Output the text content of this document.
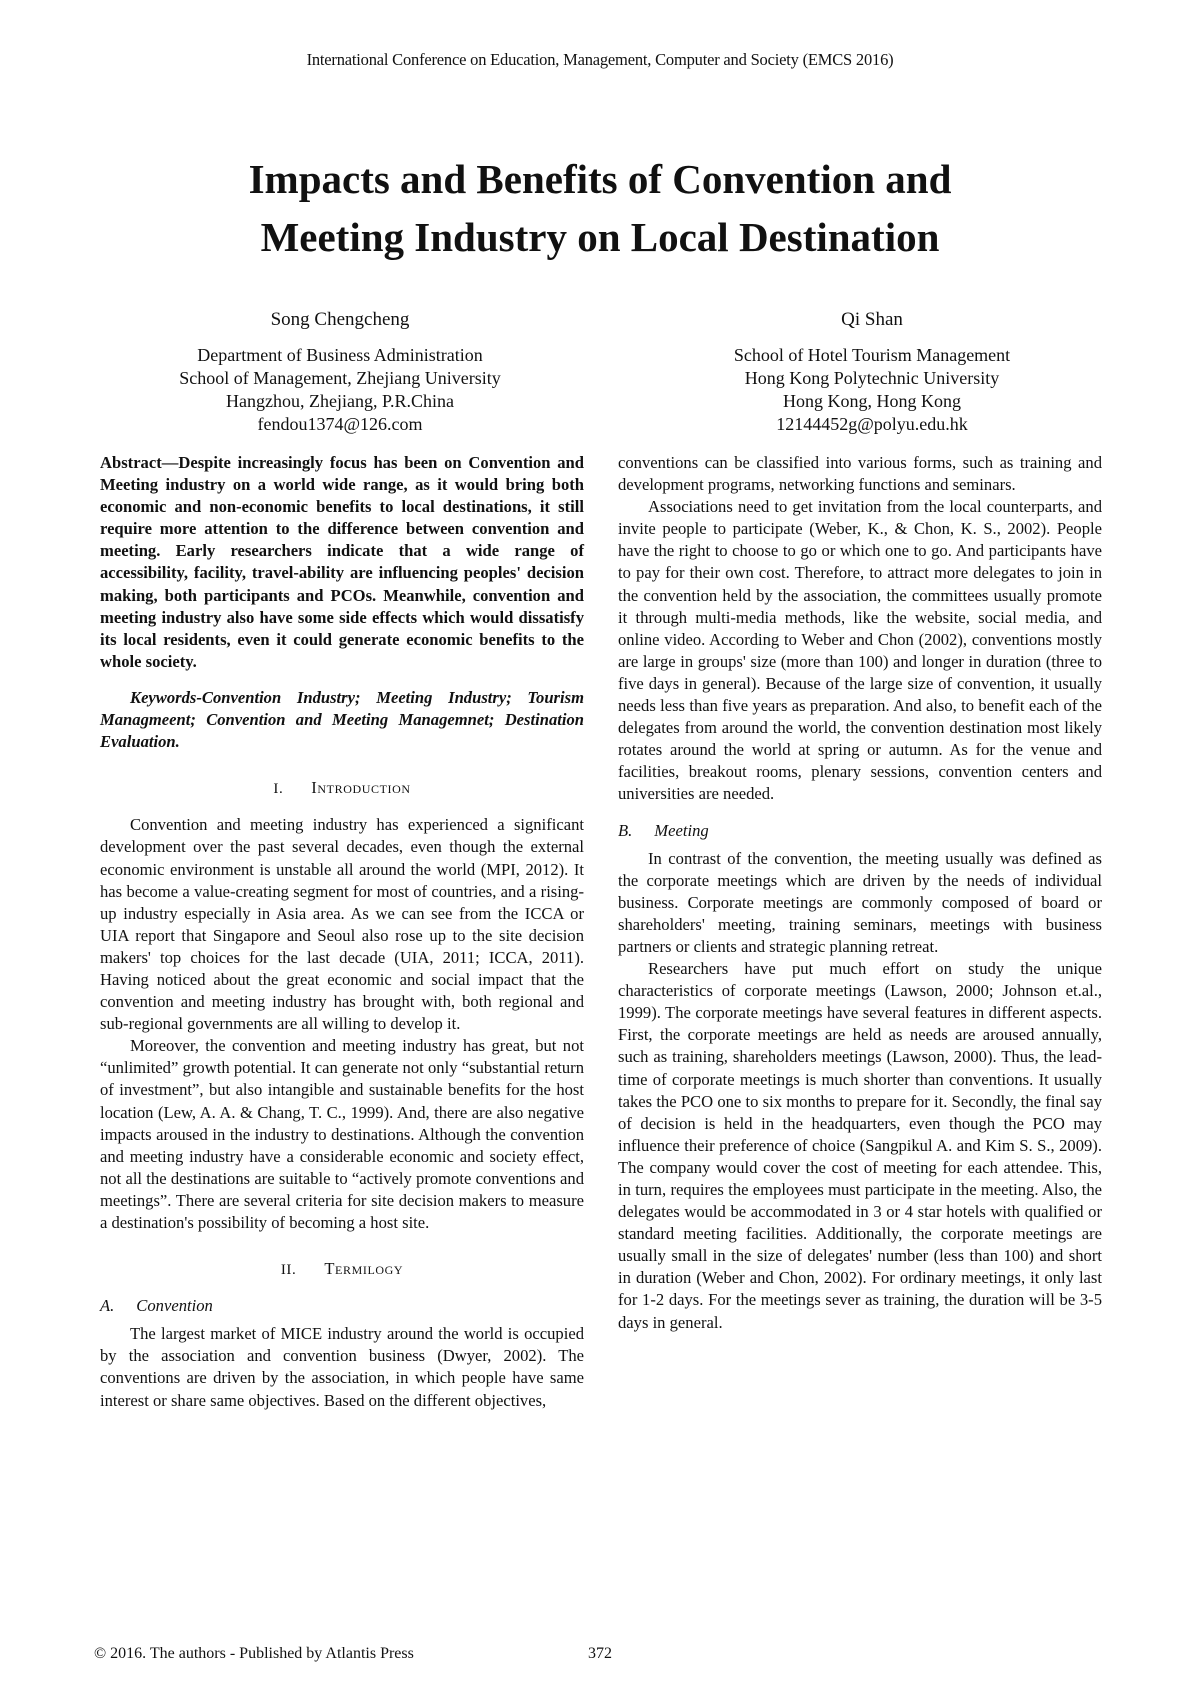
International Conference on Education, Management, Computer and Society (EMCS 2016)
Impacts and Benefits of Convention and
Meeting Industry on Local Destination
Song Chengcheng
Department of Business Administration
School of Management, Zhejiang University
Hangzhou, Zhejiang, P.R.China
fendou1374@126.com
Qi Shan
School of Hotel Tourism Management
Hong Kong Polytechnic University
Hong Kong, Hong Kong
12144452g@polyu.edu.hk

Abstract—Despite increasingly focus has been on Convention and Meeting industry on a world wide range, as it would bring both economic and non-economic benefits to local destinations, it still require more attention to the difference between convention and meeting. Early researchers indicate that a wide range of accessibility, facility, travel-ability are influencing peoples' decision making, both participants and PCOs. Meanwhile, convention and meeting industry also have some side effects which would dissatisfy its local residents, even it could generate economic benefits to the whole society.

Keywords-Convention Industry; Meeting Industry; Tourism Managmeent; Convention and Meeting Managemnet; Destination Evaluation.

I. Introduction

Convention and meeting industry has experienced a significant development over the past several decades, even though the external economic environment is unstable all around the world (MPI, 2012). It has become a value-creating segment for most of countries, and a rising-up industry especially in Asia area. As we can see from the ICCA or UIA report that Singapore and Seoul also rose up to the site decision makers' top choices for the last decade (UIA, 2011; ICCA, 2011). Having noticed about the great economic and social impact that the convention and meeting industry has brought with, both regional and sub-regional governments are all willing to develop it.

Moreover, the convention and meeting industry has great, but not “unlimited” growth potential. It can generate not only “substantial return of investment”, but also intangible and sustainable benefits for the host location (Lew, A. A. & Chang, T. C., 1999). And, there are also negative impacts aroused in the industry to destinations. Although the convention and meeting industry have a considerable economic and society effect, not all the destinations are suitable to “actively promote conventions and meetings”. There are several criteria for site decision makers to measure a destination's possibility of becoming a host site.

II. Termilogy
A. Convention

The largest market of MICE industry around the world is occupied by the association and convention business (Dwyer, 2002). The conventions are driven by the association, in which people have same interest or share same objectives. Based on the different objectives,

conventions can be classified into various forms, such as training and development programs, networking functions and seminars.

Associations need to get invitation from the local counterparts, and invite people to participate (Weber, K., & Chon, K. S., 2002). People have the right to choose to go or which one to go. And participants have to pay for their own cost. Therefore, to attract more delegates to join in the convention held by the association, the committees usually promote it through multi-media methods, like the website, social media, and online video. According to Weber and Chon (2002), conventions mostly are large in groups' size (more than 100) and longer in duration (three to five days in general). Because of the large size of convention, it usually needs less than five years as preparation. And also, to benefit each of the delegates from around the world, the convention destination most likely rotates around the world at spring or autumn. As for the venue and facilities, breakout rooms, plenary sessions, convention centers and universities are needed.

B. Meeting

In contrast of the convention, the meeting usually was defined as the corporate meetings which are driven by the needs of individual business. Corporate meetings are commonly composed of board or shareholders' meeting, training seminars, meetings with business partners or clients and strategic planning retreat.

Researchers have put much effort on study the unique characteristics of corporate meetings (Lawson, 2000; Johnson et.al., 1999). The corporate meetings have several features in different aspects. First, the corporate meetings are held as needs are aroused annually, such as training, shareholders meetings (Lawson, 2000). Thus, the lead-time of corporate meetings is much shorter than conventions. It usually takes the PCO one to six months to prepare for it. Secondly, the final say of decision is held in the headquarters, even though the PCO may influence their preference of choice (Sangpikul A. and Kim S. S., 2009). The company would cover the cost of meeting for each attendee. This, in turn, requires the employees must participate in the meeting. Also, the delegates would be accommodated in 3 or 4 star hotels with qualified or standard meeting facilities. Additionally, the corporate meetings are usually small in the size of delegates' number (less than 100) and short in duration (Weber and Chon, 2002). For ordinary meetings, it only last for 1-2 days. For the meetings sever as training, the duration will be 3-5 days in general.

© 2016. The authors - Published by Atlantis Press	372
